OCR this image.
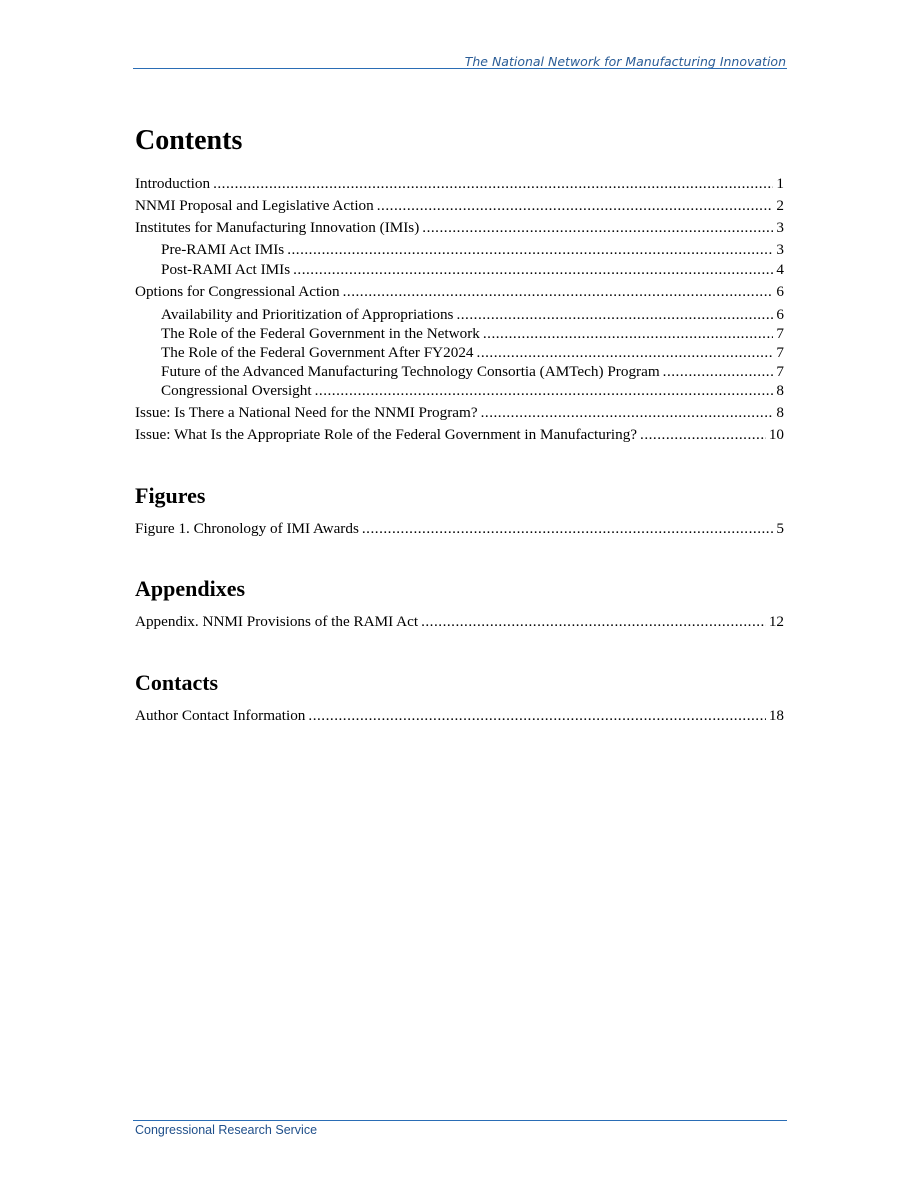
The National Network for Manufacturing Innovation
Contents
Introduction .....	1
NNMI Proposal and Legislative Action .....	2
Institutes for Manufacturing Innovation (IMIs) .....	3
Pre-RAMI Act IMIs .....	3
Post-RAMI Act IMIs .....	4
Options for Congressional Action .....	6
Availability and Prioritization of Appropriations .....	6
The Role of the Federal Government in the Network .....	7
The Role of the Federal Government After FY2024 .....	7
Future of the Advanced Manufacturing Technology Consortia (AMTech) Program .....	7
Congressional Oversight .....	8
Issue: Is There a National Need for the NNMI Program? .....	8
Issue: What Is the Appropriate Role of the Federal Government in Manufacturing? .....	10
Figures
Figure 1. Chronology of IMI Awards .....	5
Appendixes
Appendix. NNMI Provisions of the RAMI Act .....	12
Contacts
Author Contact Information .....	18
Congressional Research Service
